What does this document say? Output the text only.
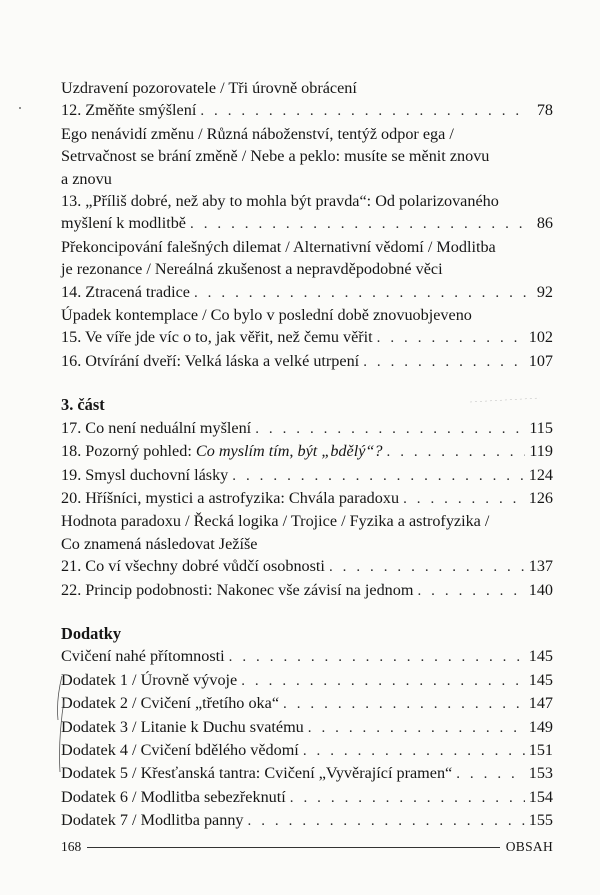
Uzdravení pozorovatele / Tři úrovně obrácení
12. Změňte smýšlení . . .	78
Ego nenávidí změnu / Různá náboženství, tentýž odpor ega /
Setrvačnost se brání změně / Nebe a peklo: musíte se měnit znovu
a znovu
13. „Příliš dobré, než aby to mohla být pravda“: Od polarizovaného
myšlení k modlitbě . . .	86
Překoncipování falešných dilemat / Alternativní vědomí / Modlitba
je rezonance / Nereálná zkušenost a nepravděpodobné věci
14. Ztracená tradice . . .	92
Úpadek kontemplace / Co bylo v poslední době znovuobjeveno
15. Ve víře jde víc o to, jak věřit, než čemu věřit . . .	102
16. Otvírání dveří: Velká láska a velké utrpení . . .	107
3. část
17. Co není neduální myšlení . . .	115
18. Pozorný pohled: Co myslím tím, být „bdělý“? . . .	119
19. Smysl duchovní lásky . . .	124
20. Hříšníci, mystici a astrofyzika: Chvála paradoxu . . .	126
Hodnota paradoxu / Řecká logika / Trojice / Fyzika a astrofyzika /
Co znamená následovat Ježíše
21. Co ví všechny dobré vůdčí osobnosti . . .	137
22. Princip podobnosti: Nakonec vše závisí na jednom . . .	140
Dodatky
Cvičení nahé přítomnosti . . .	145
Dodatek 1 / Úrovně vývoje . . .	145
Dodatek 2 / Cvičení „třetího oka“ . . .	147
Dodatek 3 / Litanie k Duchu svatému . . .	149
Dodatek 4 / Cvičení bdělého vědomí . . .	151
Dodatek 5 / Křesťanská tantra: Cvičení „Vyvěrající pramen“ . . .	153
Dodatek 6 / Modlitba sebezřeknutí . . .	154
Dodatek 7 / Modlitba panny . . .	155
168	OBSAH
